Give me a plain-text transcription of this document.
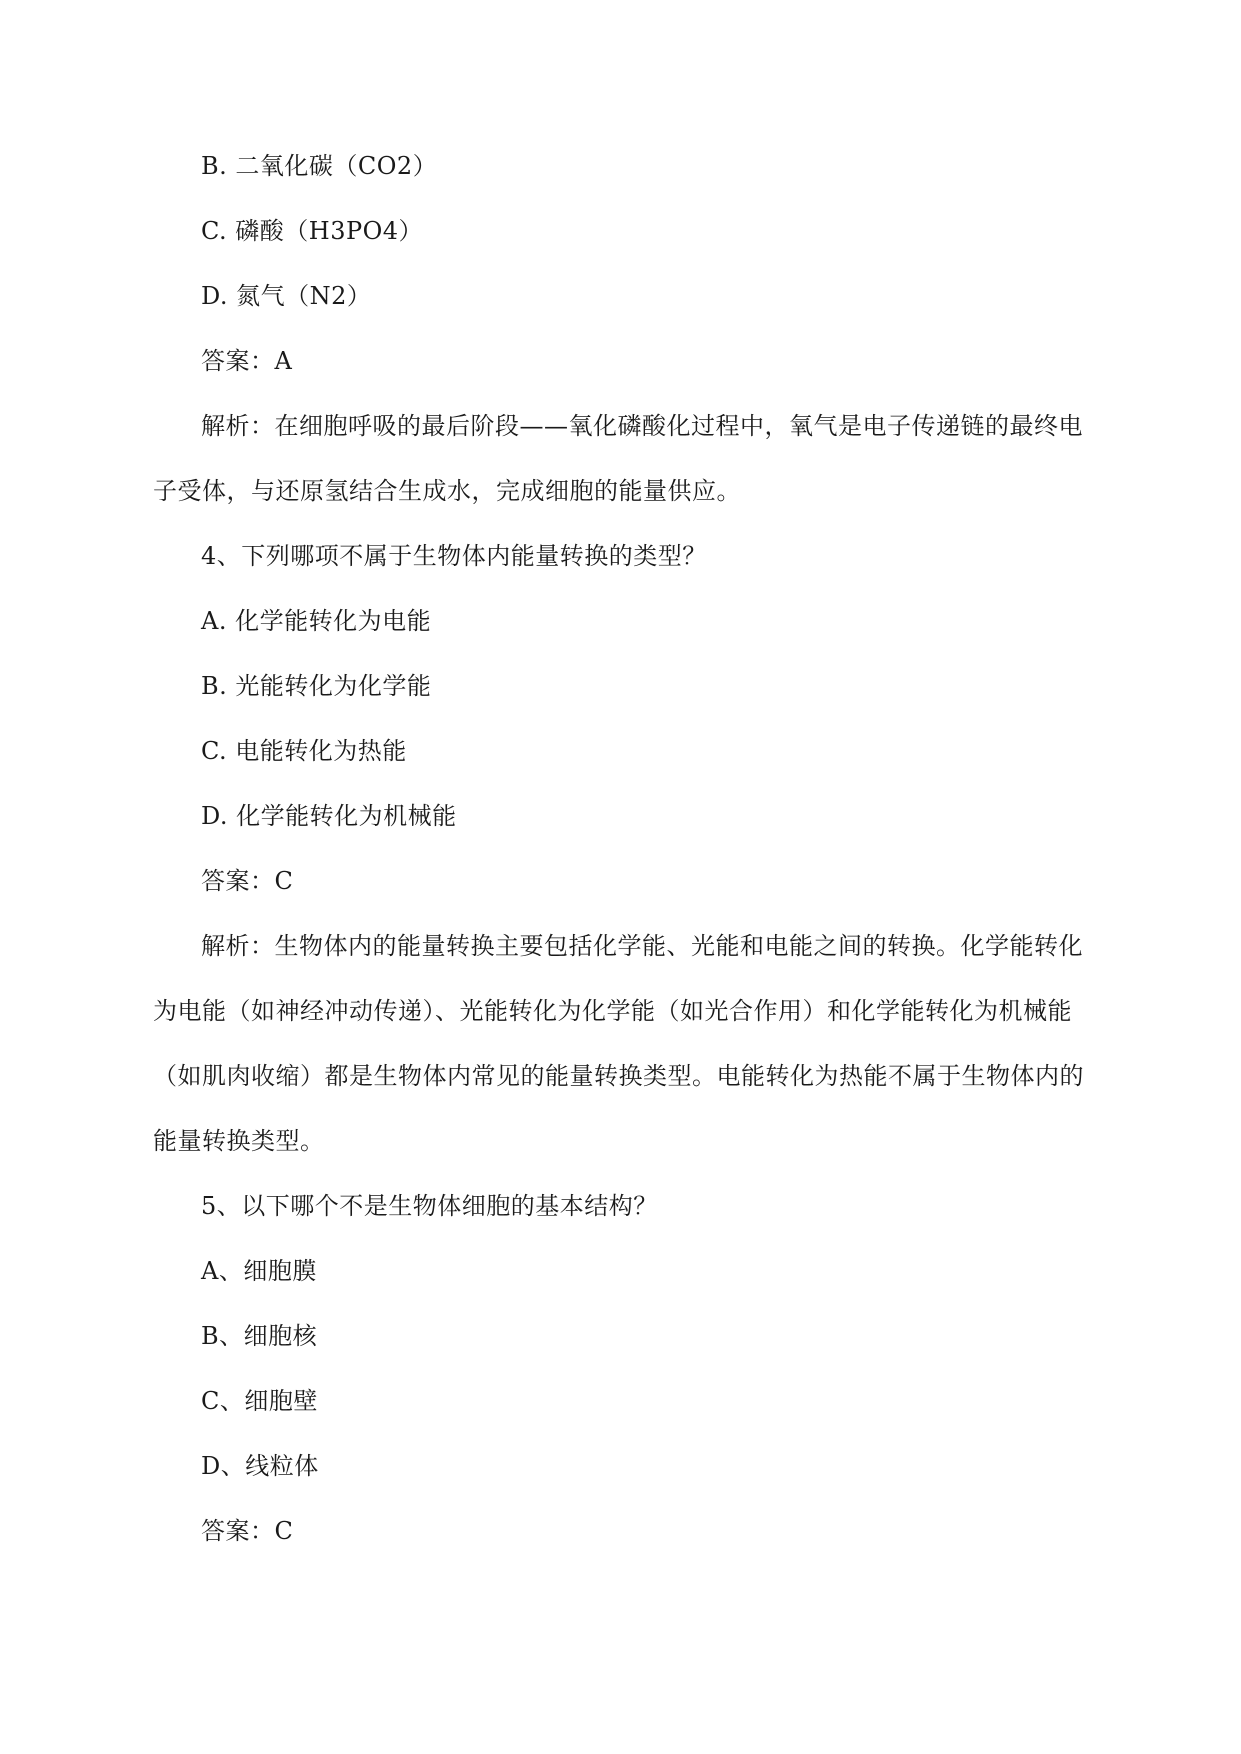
B. 二氧化碳（CO2）
C. 磷酸（H3PO4）
D. 氮气（N2）
答案：A
解析：在细胞呼吸的最后阶段——氧化磷酸化过程中，氧气是电子传递链的最终电
子受体，与还原氢结合生成水，完成细胞的能量供应。
4、下列哪项不属于生物体内能量转换的类型？
A. 化学能转化为电能
B. 光能转化为化学能
C. 电能转化为热能
D. 化学能转化为机械能
答案：C
解析：生物体内的能量转换主要包括化学能、光能和电能之间的转换。化学能转化
为电能（如神经冲动传递）、光能转化为化学能（如光合作用）和化学能转化为机械能
（如肌肉收缩）都是生物体内常见的能量转换类型。电能转化为热能不属于生物体内的
能量转换类型。
5、以下哪个不是生物体细胞的基本结构？
A、细胞膜
B、细胞核
C、细胞壁
D、线粒体
答案：C
